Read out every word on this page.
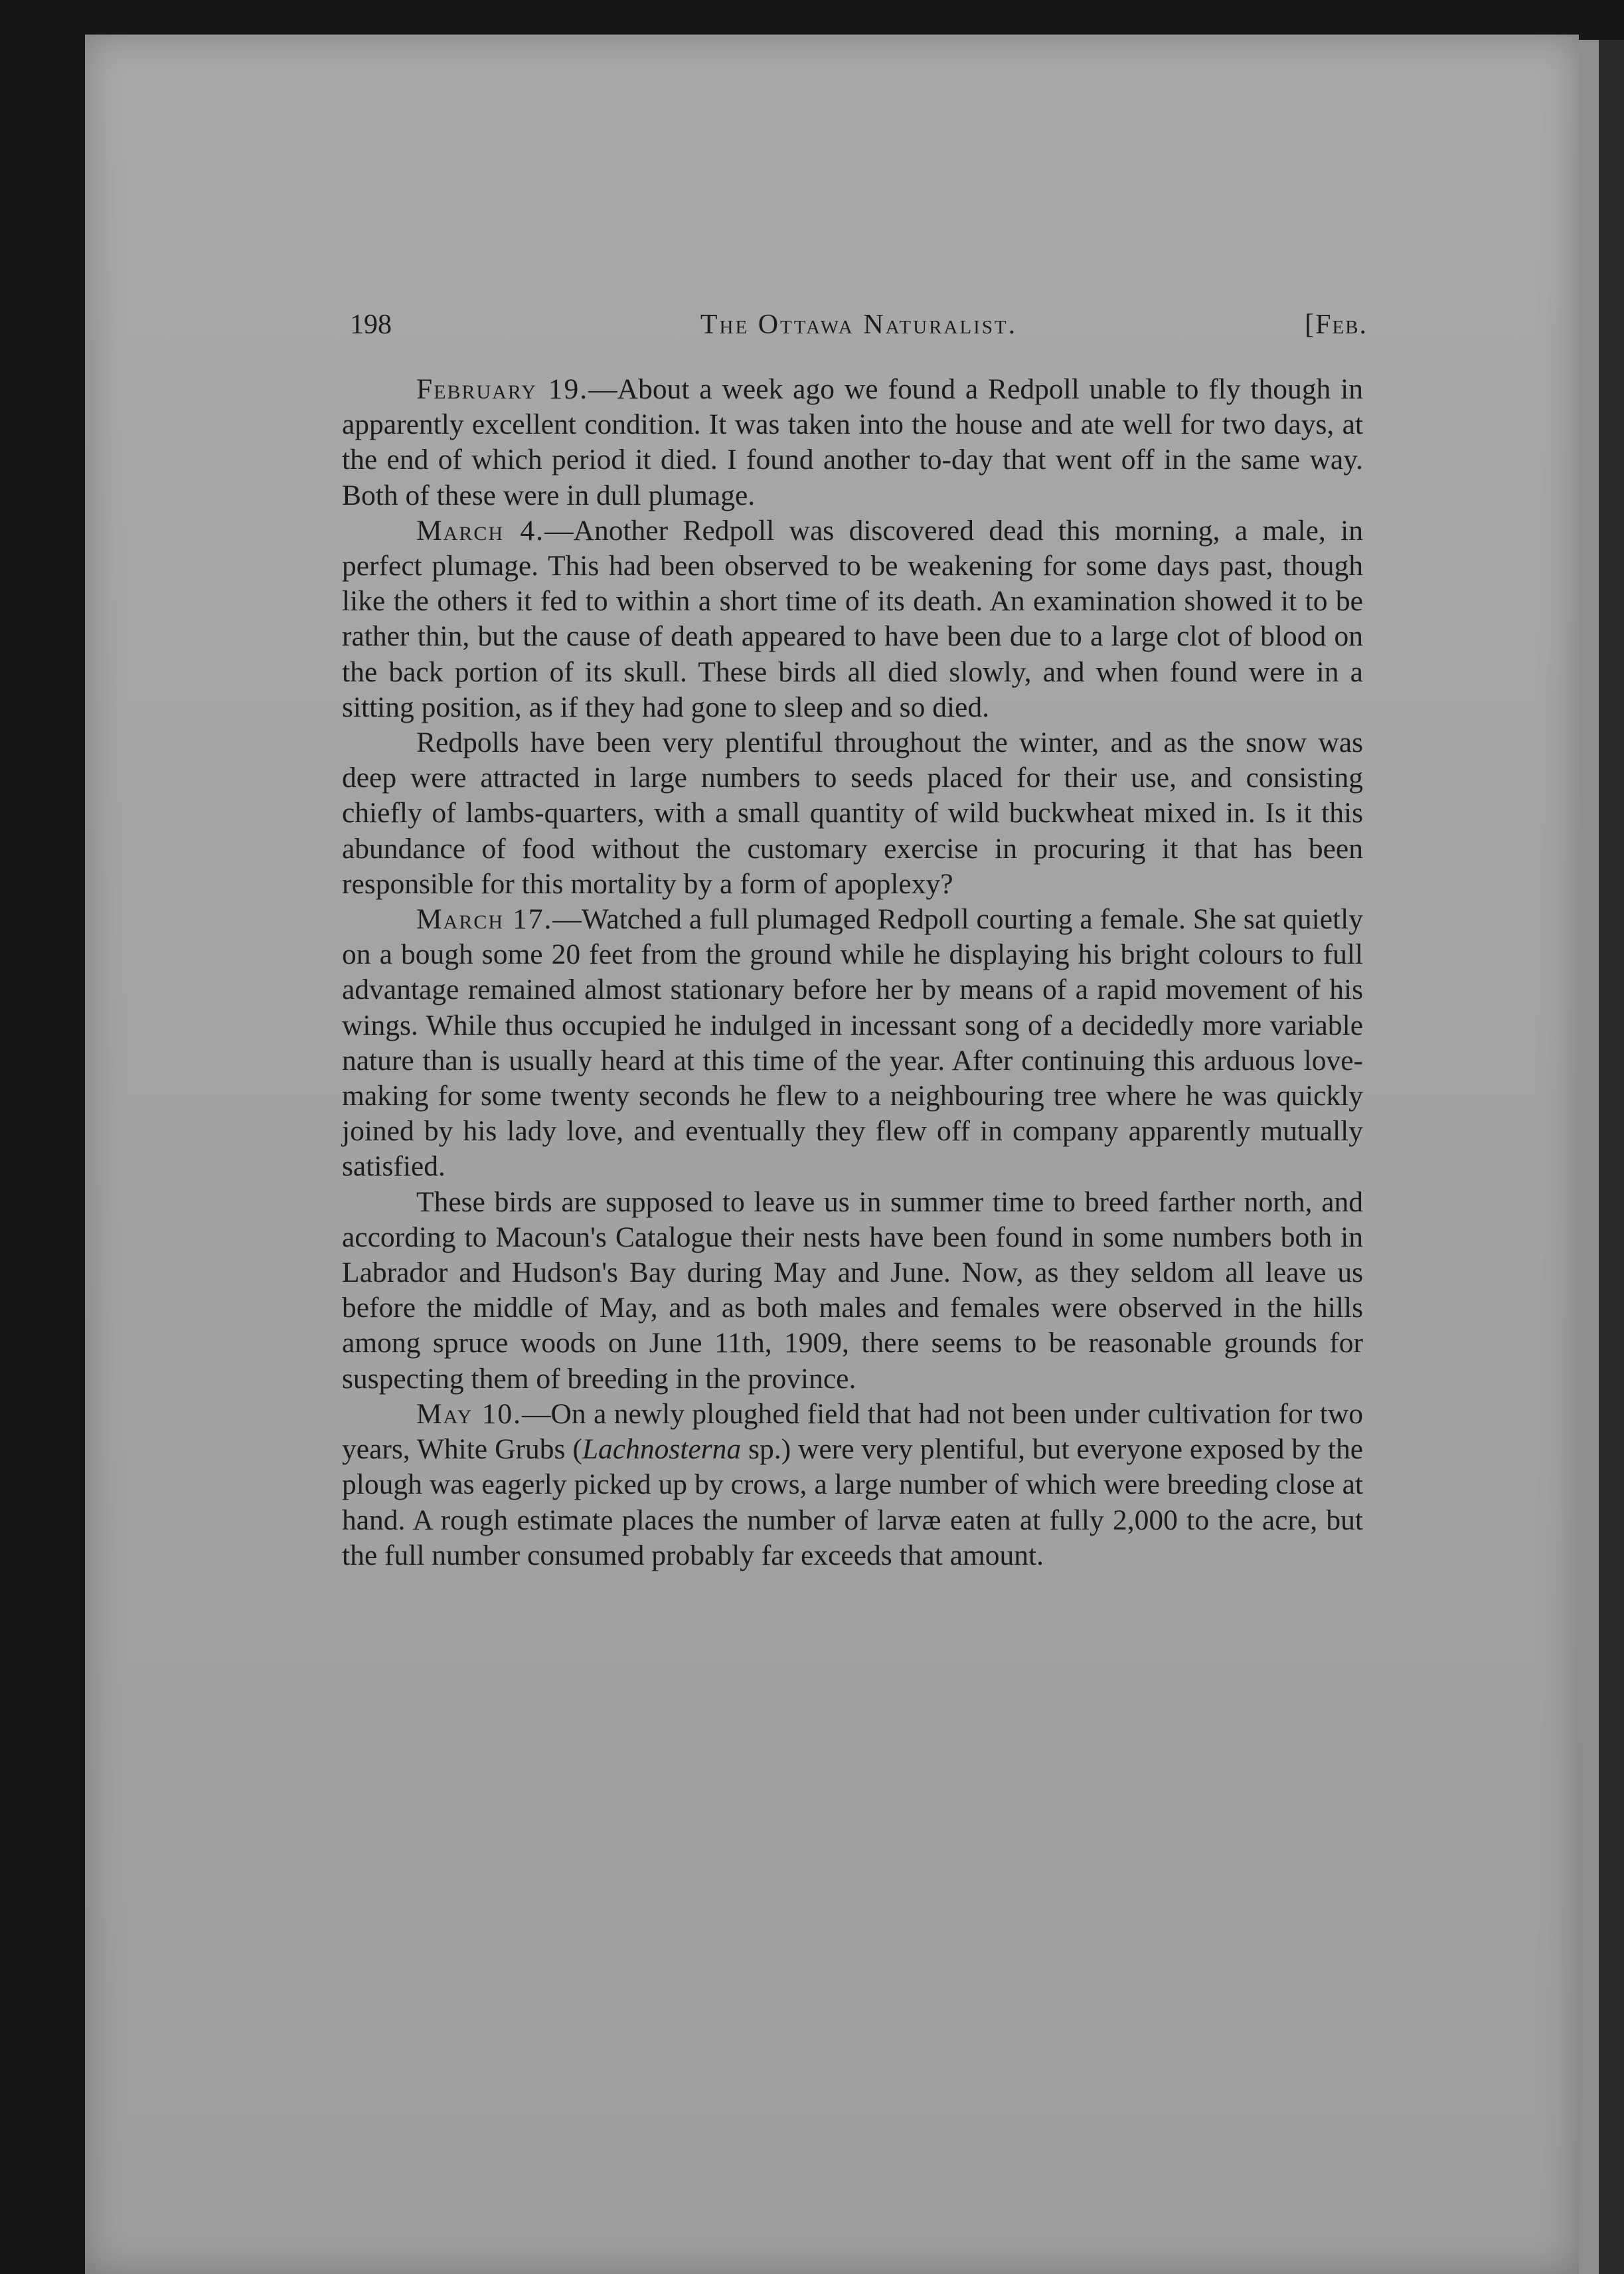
198	The Ottawa Naturalist.	[Feb.

February 19.—About a week ago we found a Redpoll unable to fly though in apparently excellent condition. It was taken into the house and ate well for two days, at the end of which period it died. I found another to-day that went off in the same way. Both of these were in dull plumage.

March 4.—Another Redpoll was discovered dead this morning, a male, in perfect plumage. This had been observed to be weakening for some days past, though like the others it fed to within a short time of its death. An examination showed it to be rather thin, but the cause of death appeared to have been due to a large clot of blood on the back portion of its skull. These birds all died slowly, and when found were in a sitting position, as if they had gone to sleep and so died.

Redpolls have been very plentiful throughout the winter, and as the snow was deep were attracted in large numbers to seeds placed for their use, and consisting chiefly of lambs-quarters, with a small quantity of wild buckwheat mixed in. Is it this abundance of food without the customary exercise in procuring it that has been responsible for this mortality by a form of apoplexy?

March 17.—Watched a full plumaged Redpoll courting a female. She sat quietly on a bough some 20 feet from the ground while he displaying his bright colours to full advantage remained almost stationary before her by means of a rapid movement of his wings. While thus occupied he indulged in incessant song of a decidedly more variable nature than is usually heard at this time of the year. After continuing this arduous love-making for some twenty seconds he flew to a neighbouring tree where he was quickly joined by his lady love, and eventually they flew off in company apparently mutually satisfied.

These birds are supposed to leave us in summer time to breed farther north, and according to Macoun's Catalogue their nests have been found in some numbers both in Labrador and Hudson's Bay during May and June. Now, as they seldom all leave us before the middle of May, and as both males and females were observed in the hills among spruce woods on June 11th, 1909, there seems to be reasonable grounds for suspecting them of breeding in the province.

May 10.—On a newly ploughed field that had not been under cultivation for two years, White Grubs (Lachnosterna sp.) were very plentiful, but everyone exposed by the plough was eagerly picked up by crows, a large number of which were breeding close at hand. A rough estimate places the number of larvæ eaten at fully 2,000 to the acre, but the full number consumed probably far exceeds that amount.
